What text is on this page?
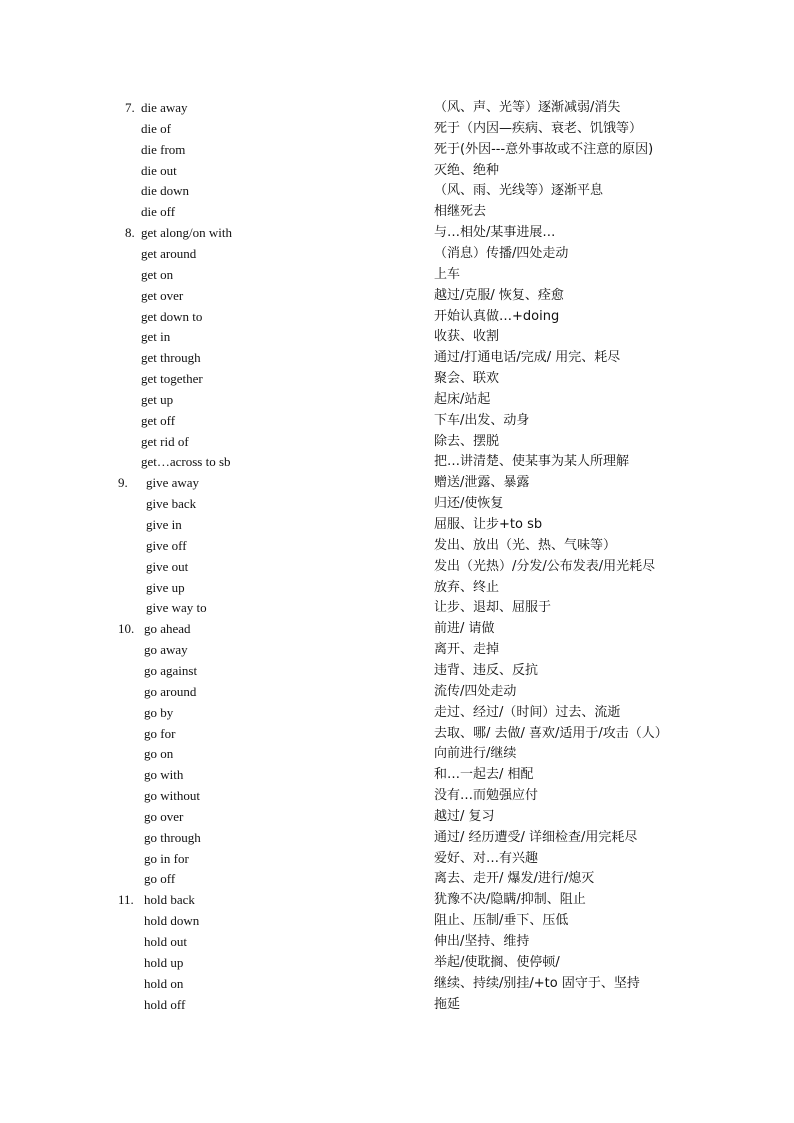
7. die away	（风、声、光等）逐渐减弱/消失
die of	死于（内因—疾病、衰老、饥饿等）
die from	死于(外因---意外事故或不注意的原因)
die out	灭绝、绝种
die down	（风、雨、光线等）逐渐平息
die off	相继死去
8. get along/on with	与…相处/某事进展…
get around	（消息）传播/四处走动
get on	上车
get over	越过/克服/ 恢复、痊愈
get down to	开始认真做…+doing
get in	收获、收割
get through	通过/打通电话/完成/ 用完、耗尽
get together	聚会、联欢
get up	起床/站起
get off	下车/出发、动身
get rid of	除去、摆脱
get…across to sb	把…讲清楚、使某事为某人所理解
9. give away	赠送/泄露、暴露
give back	归还/使恢复
give in	屈服、让步+to sb
give off	发出、放出（光、热、气味等）
give out	发出（光热）/分发/公布发表/用光耗尽
give up	放弃、终止
give way to	让步、退却、屈服于
10. go ahead	前进/ 请做
go away	离开、走掉
go against	违背、违反、反抗
go around	流传/四处走动
go by	走过、经过/（时间）过去、流逝
go for	去取、哪/ 去做/ 喜欢/适用于/攻击（人）
go on	向前进行/继续
go with	和…一起去/ 相配
go without	没有…而勉强应付
go over	越过/ 复习
go through	通过/ 经历遭受/ 详细检查/用完耗尽
go in for	爱好、对…有兴趣
go off	离去、走开/ 爆发/进行/熄灭
11. hold back	犹豫不决/隐瞒/抑制、阻止
hold down	阻止、压制/垂下、压低
hold out	伸出/坚持、维持
hold up	举起/使耽搁、使停顿/
hold on	继续、持续/别挂/+to 固守于、坚持
hold off	拖延
